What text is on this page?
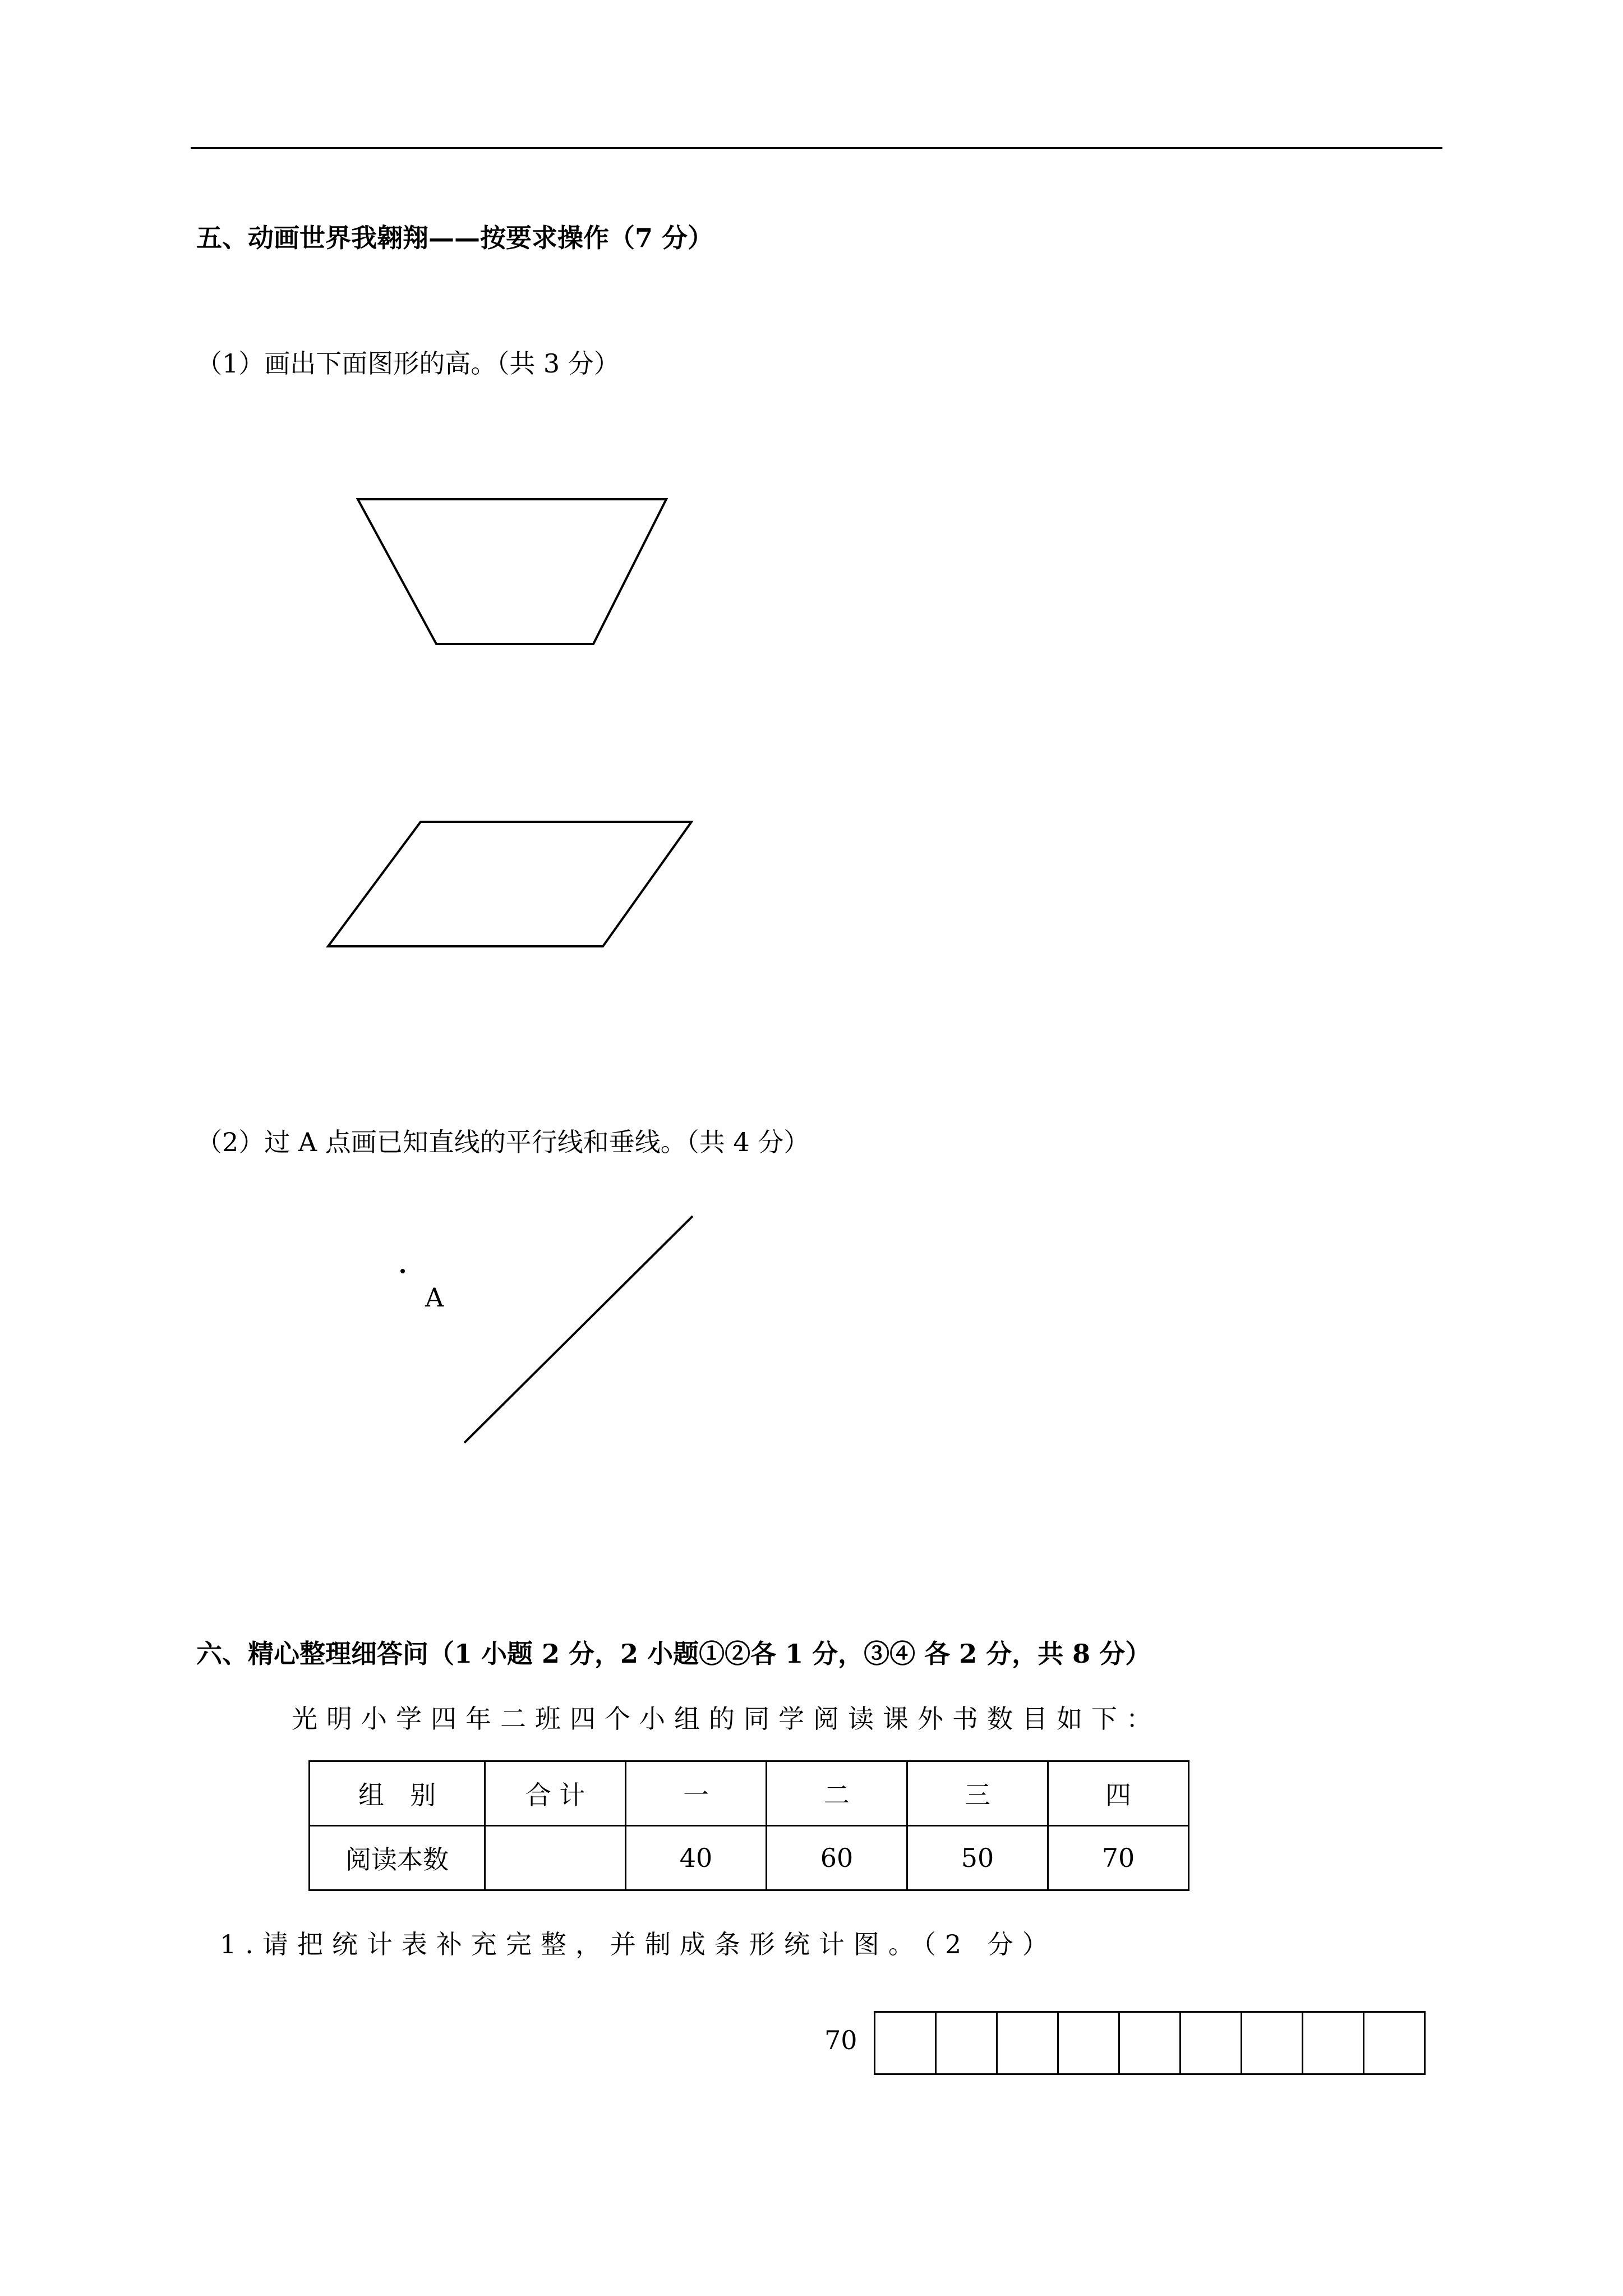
五、动画世界我翱翔——按要求操作（7 分）
（1）画出下面图形的高。（共 3 分）
（2）过 A 点画已知直线的平行线和垂线。（共 4 分）
A
六、精心整理细答问（1 小题 2 分，2 小题①②各 1 分，③④ 各 2 分，共 8 分）
光明小学四年二班四个小组的同学阅读课外书数目如下：
组　别	合 计	一	二	三	四
阅读本数		40	60	50	70
1.请把统计表补充完整，并制成条形统计图。（2 分）
70
